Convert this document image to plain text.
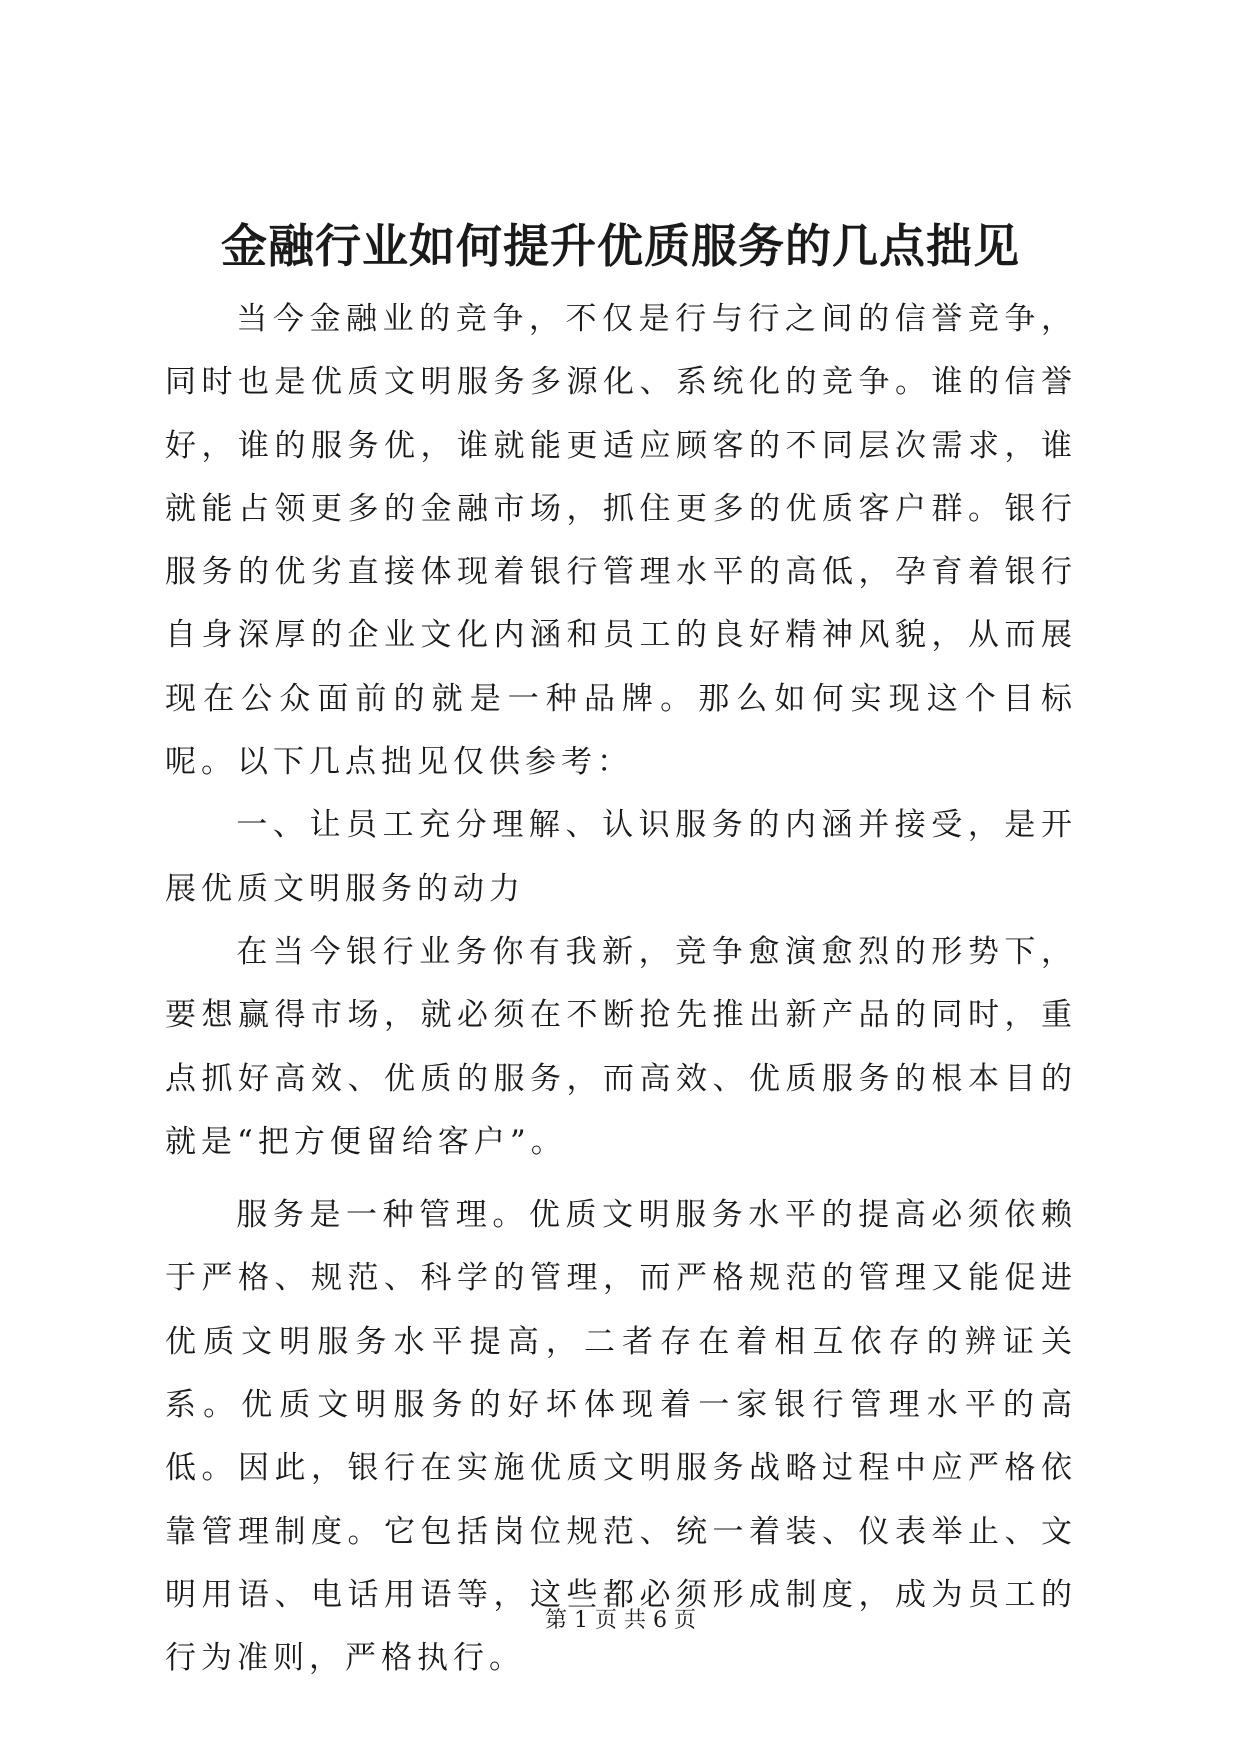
金融行业如何提升优质服务的几点拙见

当今金融业的竞争，不仅是行与行之间的信誉竞争，同时也是优质文明服务多源化、系统化的竞争。谁的信誉好，谁的服务优，谁就能更适应顾客的不同层次需求，谁就能占领更多的金融市场，抓住更多的优质客户群。银行服务的优劣直接体现着银行管理水平的高低，孕育着银行自身深厚的企业文化内涵和员工的良好精神风貌，从而展现在公众面前的就是一种品牌。那么如何实现这个目标呢。以下几点拙见仅供参考：

一、让员工充分理解、认识服务的内涵并接受，是开展优质文明服务的动力

在当今银行业务你有我新，竞争愈演愈烈的形势下，要想赢得市场，就必须在不断抢先推出新产品的同时，重点抓好高效、优质的服务，而高效、优质服务的根本目的就是“把方便留给客户”。

服务是一种管理。优质文明服务水平的提高必须依赖于严格、规范、科学的管理，而严格规范的管理又能促进优质文明服务水平提高，二者存在着相互依存的辨证关系。优质文明服务的好坏体现着一家银行管理水平的高低。因此，银行在实施优质文明服务战略过程中应严格依靠管理制度。它包括岗位规范、统一着装、仪表举止、文明用语、电话用语等，这些都必须形成制度，成为员工的行为准则，严格执行。

第 1 页 共 6 页
